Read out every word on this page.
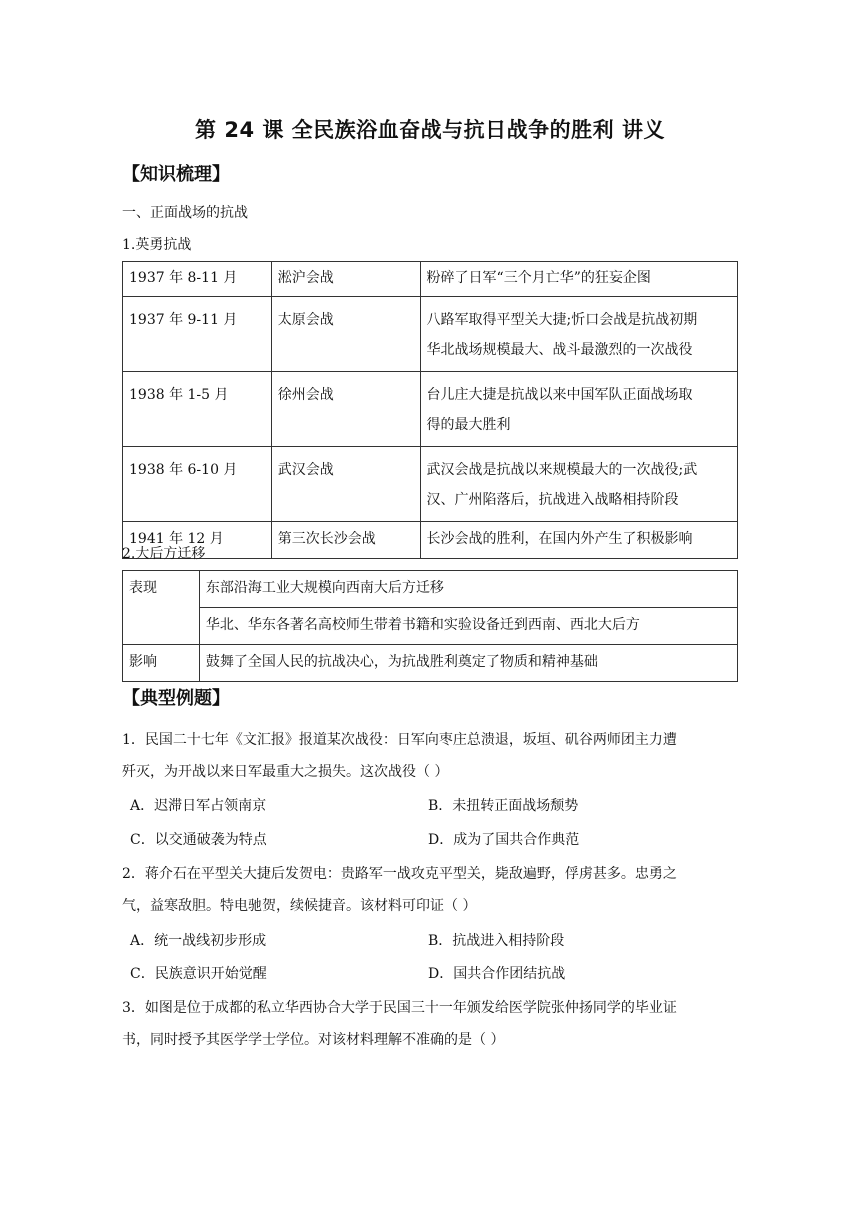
第 24 课 全民族浴血奋战与抗日战争的胜利 讲义
【知识梳理】
一、正面战场的抗战
1.英勇抗战
1937 年 8-11 月	淞沪会战	粉碎了日军“三个月亡华”的狂妄企图

1937 年 9-11 月	太原会战	八路军取得平型关大捷;忻口会战是抗战初期
华北战场规模最大、战斗最激烈的一次战役

1938 年 1-5 月	徐州会战	台儿庄大捷是抗战以来中国军队正面战场取
得的最大胜利

1938 年 6-10 月	武汉会战	武汉会战是抗战以来规模最大的一次战役;武
汉、广州陷落后，抗战进入战略相持阶段

1941 年 12 月	第三次长沙会战	长沙会战的胜利，在国内外产生了积极影响
2.大后方迁移
表现	东部沿海工业大规模向西南大后方迁移

	华北、华东各著名高校师生带着书籍和实验设备迁到西南、西北大后方

影响	鼓舞了全国人民的抗战决心，为抗战胜利奠定了物质和精神基础
【典型例题】
1．民国二十七年《文汇报》报道某次战役：日军向枣庄总溃退，坂垣、矶谷两师团主力遭
歼灭，为开战以来日军最重大之损失。这次战役（ ）
A．迟滞日军占领南京	B．未扭转正面战场颓势
C．以交通破袭为特点	D．成为了国共合作典范
2．蒋介石在平型关大捷后发贺电：贵路军一战攻克平型关，毙敌遍野，俘虏甚多。忠勇之
气，益寒敌胆。特电驰贺，续候捷音。该材料可印证（ ）
A．统一战线初步形成	B．抗战进入相持阶段
C．民族意识开始觉醒	D．国共合作团结抗战
3．如图是位于成都的私立华西协合大学于民国三十一年颁发给医学院张仲扬同学的毕业证
书，同时授予其医学学士学位。对该材料理解不准确的是（ ）
